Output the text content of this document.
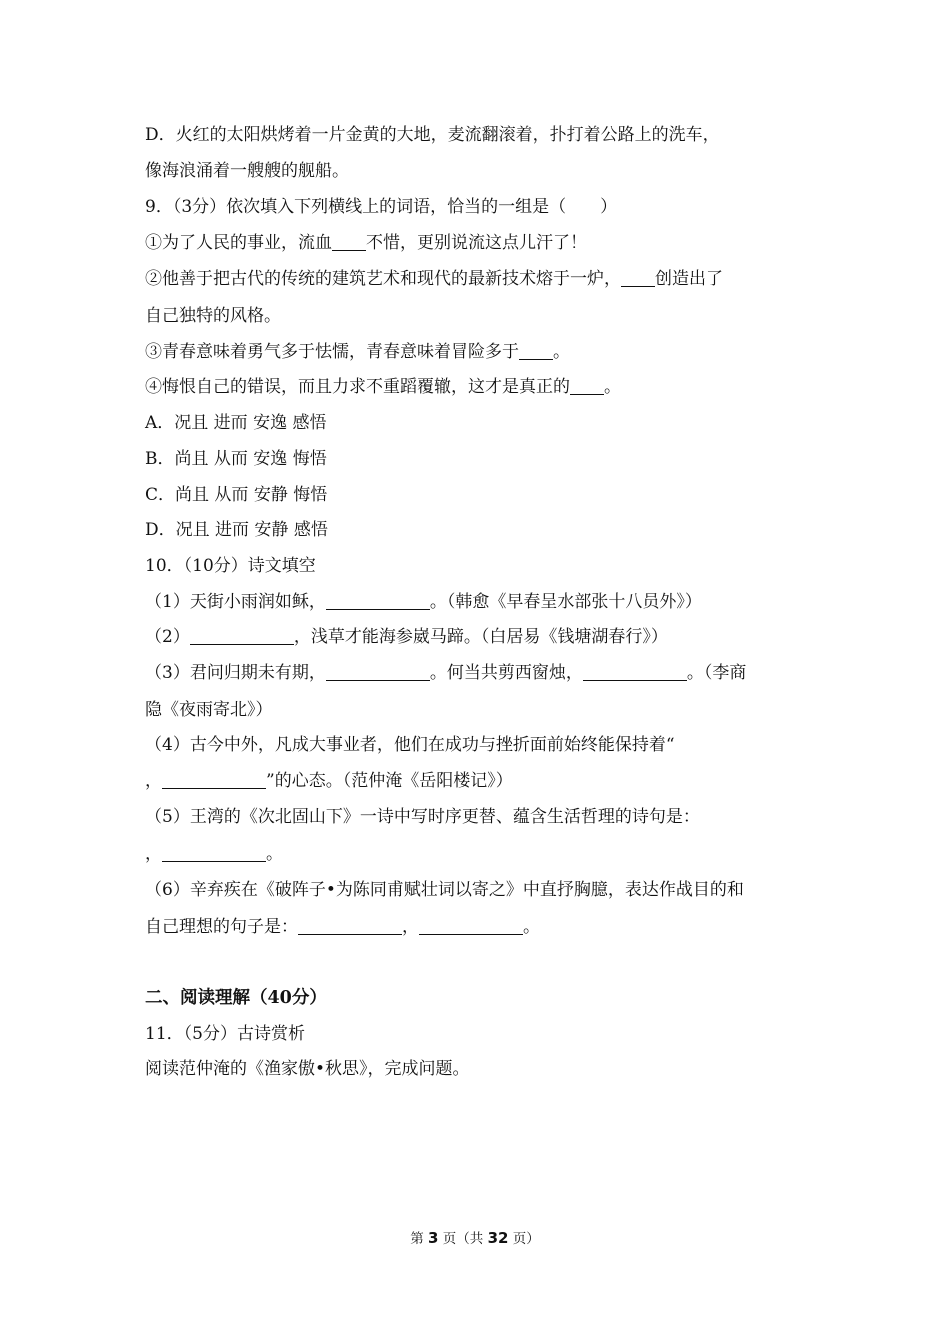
D．火红的太阳烘烤着一片金黄的大地，麦流翻滚着，扑打着公路上的洗车，
像海浪涌着一艘艘的舰船。
9．（3分）依次填入下列横线上的词语，恰当的一组是（　　）
①为了人民的事业，流血 不惜，更别说流这点儿汗了！
②他善于把古代的传统的建筑艺术和现代的最新技术熔于一炉， 创造出了
自己独特的风格。
③青春意味着勇气多于怯懦，青春意味着冒险多于 。
④悔恨自己的错误，而且力求不重蹈覆辙，这才是真正的 。
A．况且 进而 安逸 感悟
B．尚且 从而 安逸 悔悟
C．尚且 从而 安静 悔悟
D．况且 进而 安静 感悟
10．（10分）诗文填空
（1）天街小雨润如稣，	。（韩愈《早春呈水部张十八员外》）
（2）	，浅草才能海参崴马蹄。（白居易《钱塘湖春行》）
（3）君问归期未有期，	。何当共剪西窗烛，	。（李商
隐《夜雨寄北》）
（4）古今中外，凡成大事业者，他们在成功与挫折面前始终能保持着“
，	”的心态。（范仲淹《岳阳楼记》）
（5）王湾的《次北固山下》一诗中写时序更替、蕴含生活哲理的诗句是：
，	。
（6）辛弃疾在《破阵子•为陈同甫赋壮词以寄之》中直抒胸臆，表达作战目的和
自己理想的句子是：	，	。
二、阅读理解（40分）
11．（5分）古诗赏析
阅读范仲淹的《渔家傲•秋思》，完成问题。
第 3 页（共 32 页）
